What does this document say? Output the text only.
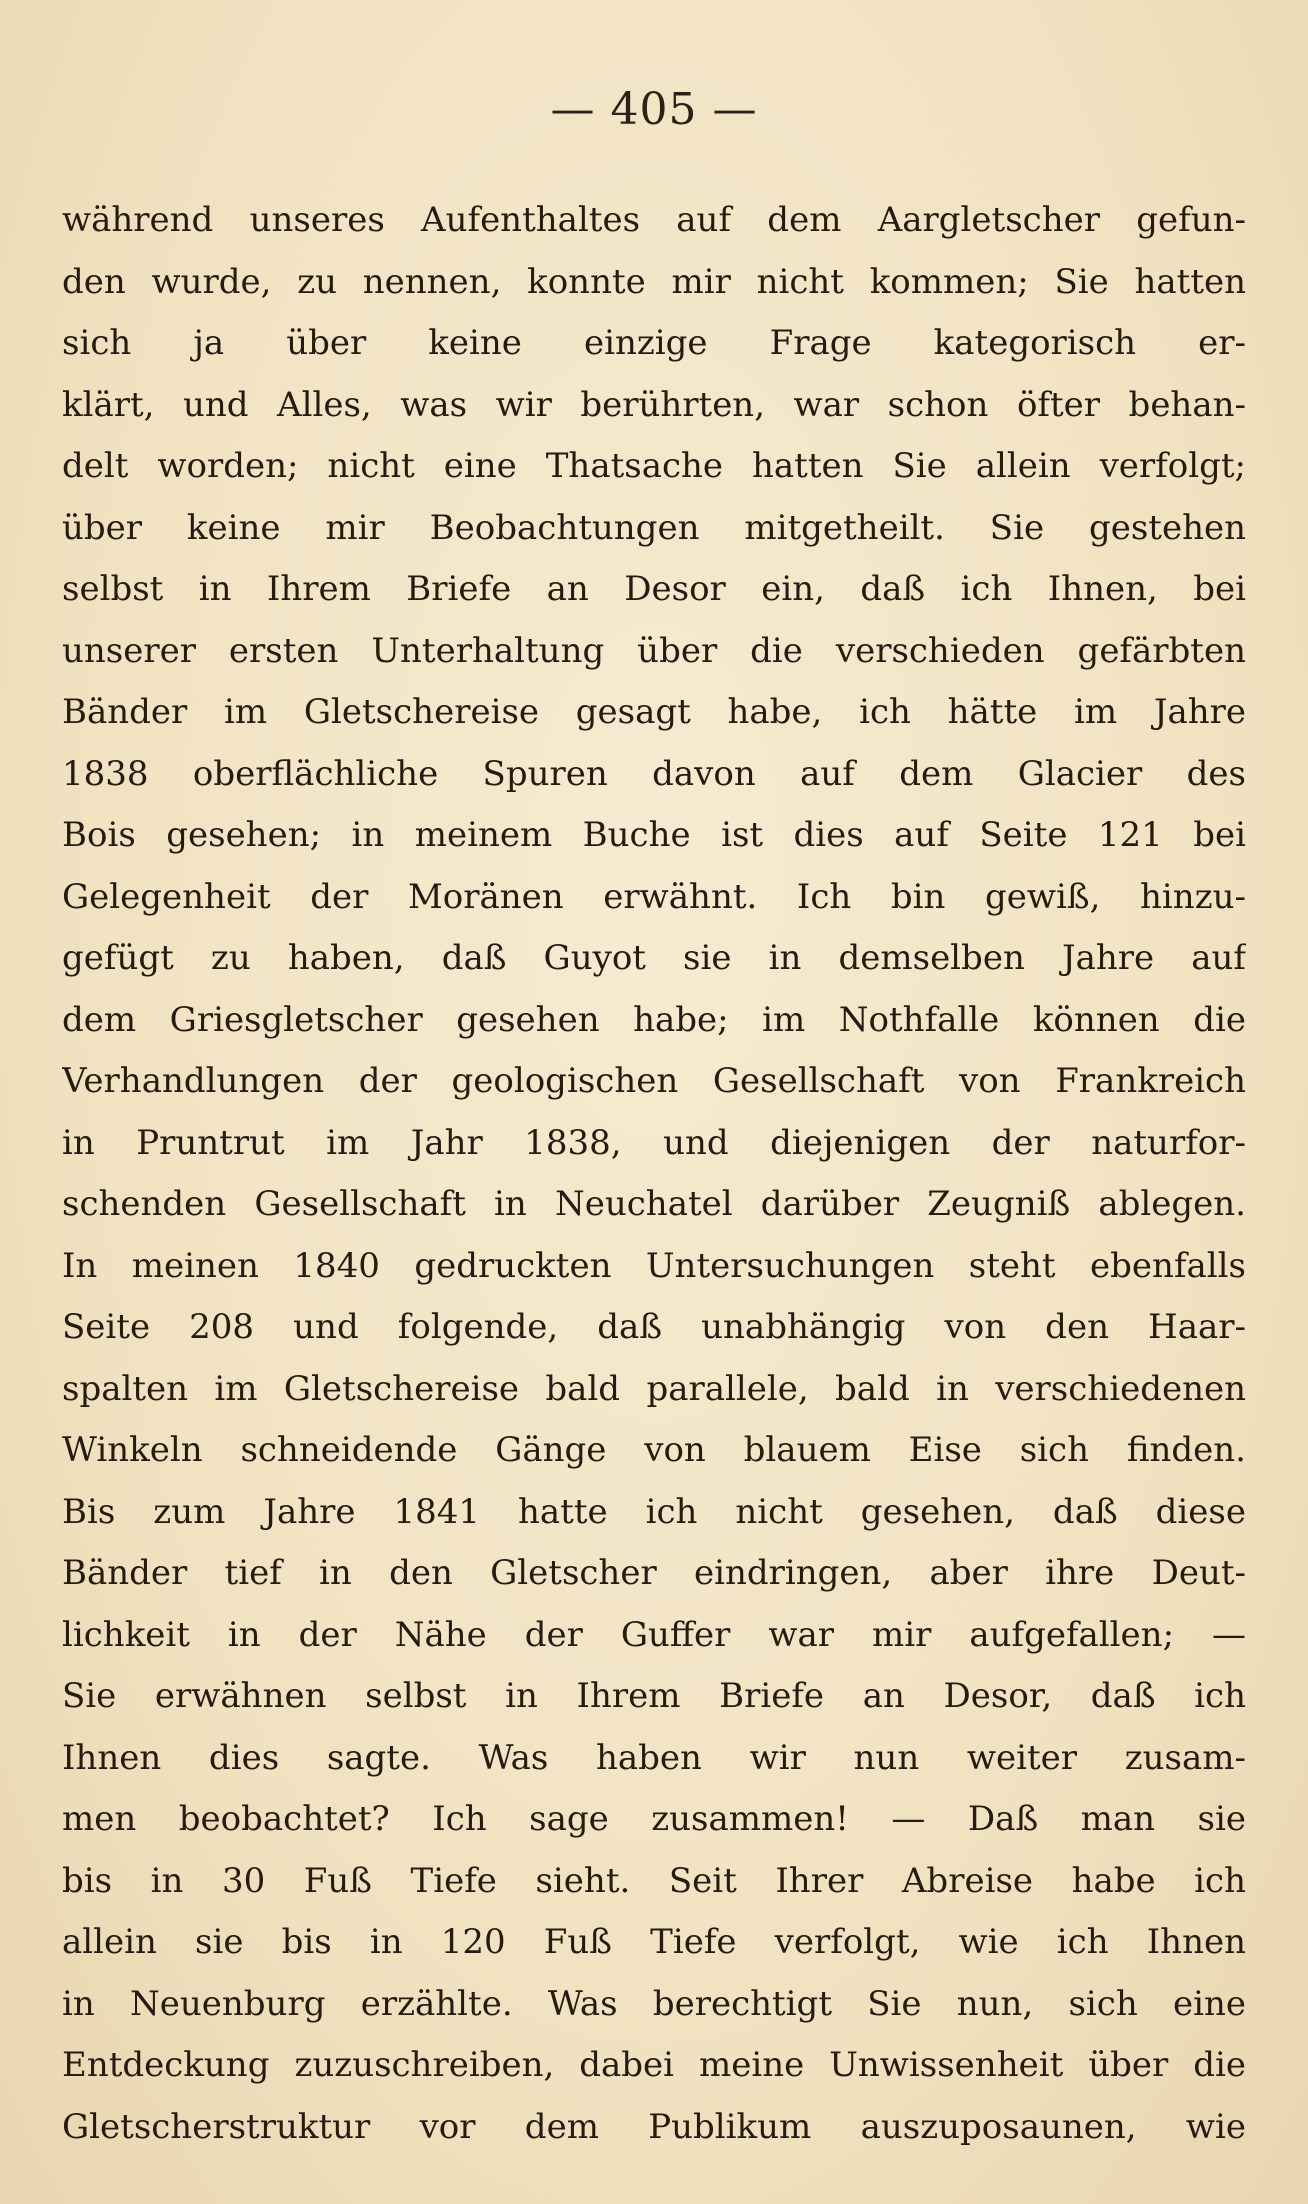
— 405 —
während unseres Aufenthaltes auf dem Aargletscher gefun-
den wurde, zu nennen, konnte mir nicht kommen; Sie hatten
sich ja über keine einzige Frage kategorisch er-
klärt, und Alles, was wir berührten, war schon öfter behan-
delt worden; nicht eine Thatsache hatten Sie allein verfolgt;
über keine mir Beobachtungen mitgetheilt. Sie gestehen
selbst in Ihrem Briefe an Desor ein, daß ich Ihnen, bei
unserer ersten Unterhaltung über die verschieden gefärbten
Bänder im Gletschereise gesagt habe, ich hätte im Jahre
1838 oberflächliche Spuren davon auf dem Glacier des
Bois gesehen; in meinem Buche ist dies auf Seite 121 bei
Gelegenheit der Moränen erwähnt. Ich bin gewiß, hinzu-
gefügt zu haben, daß Guyot sie in demselben Jahre auf
dem Griesgletscher gesehen habe; im Nothfalle können die
Verhandlungen der geologischen Gesellschaft von Frankreich
in Pruntrut im Jahr 1838, und diejenigen der naturfor-
schenden Gesellschaft in Neuchatel darüber Zeugniß ablegen.
In meinen 1840 gedruckten Untersuchungen steht ebenfalls
Seite 208 und folgende, daß unabhängig von den Haar-
spalten im Gletschereise bald parallele, bald in verschiedenen
Winkeln schneidende Gänge von blauem Eise sich finden.
Bis zum Jahre 1841 hatte ich nicht gesehen, daß diese
Bänder tief in den Gletscher eindringen, aber ihre Deut-
lichkeit in der Nähe der Guffer war mir aufgefallen; —
Sie erwähnen selbst in Ihrem Briefe an Desor, daß ich
Ihnen dies sagte. Was haben wir nun weiter zusam-
men beobachtet? Ich sage zusammen! — Daß man sie
bis in 30 Fuß Tiefe sieht. Seit Ihrer Abreise habe ich
allein sie bis in 120 Fuß Tiefe verfolgt, wie ich Ihnen
in Neuenburg erzählte. Was berechtigt Sie nun, sich eine
Entdeckung zuzuschreiben, dabei meine Unwissenheit über die
Gletscherstruktur vor dem Publikum auszuposaunen, wie
